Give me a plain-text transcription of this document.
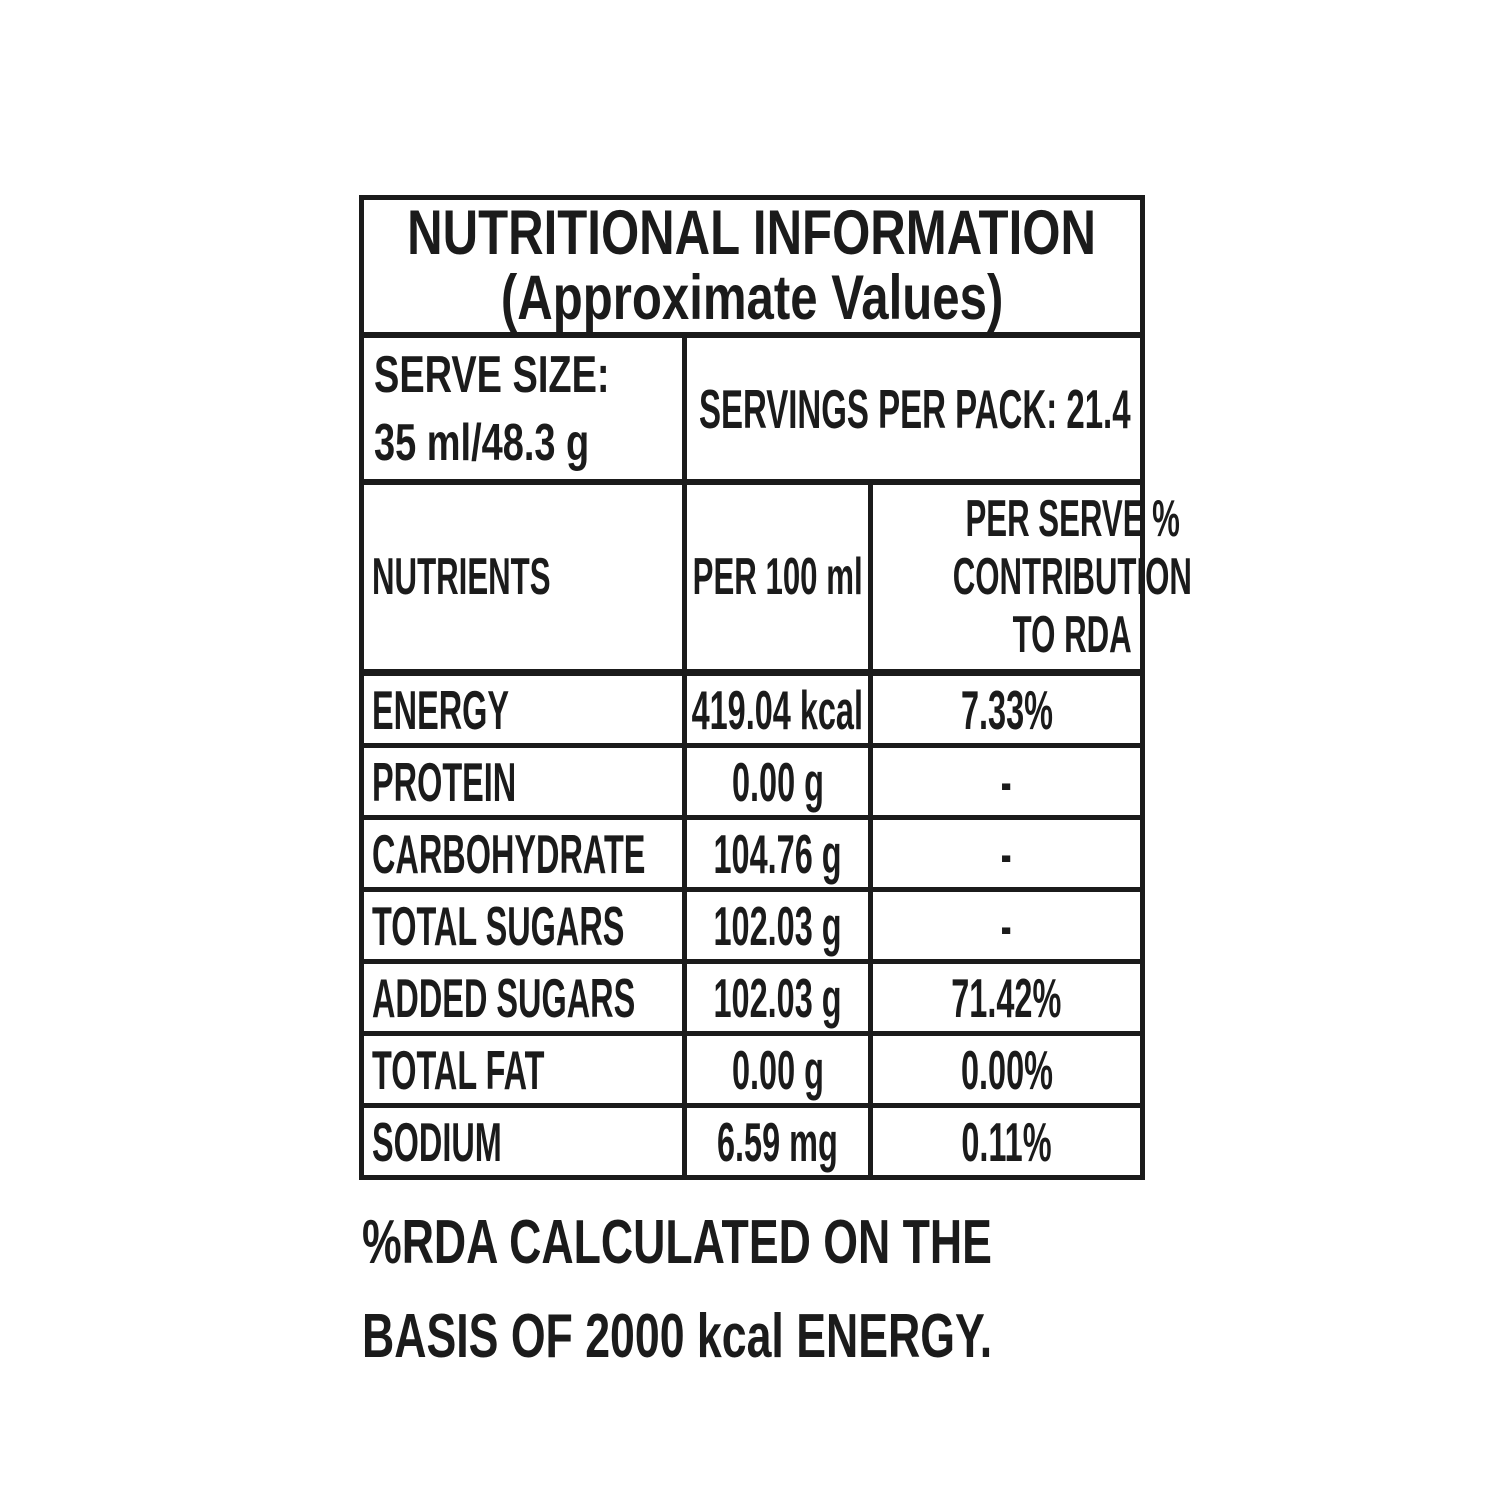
NUTRITIONAL INFORMATION
(Approximate Values)
SERVE SIZE:
35 ml/48.3 g
SERVINGS PER PACK: 21.4
NUTRIENTS	PER 100 ml
PER SERVE %
CONTRIBUTION
TO RDA
ENERGY	419.04 kcal 7.33%
PROTEIN	0.00 g	-
CARBOHYDRATE 104.76 g	-
TOTAL SUGARS 102.03 g	-
ADDED SUGARS 102.03 g 71.42%
TOTAL FAT	0.00 g 0.00%
SODIUM	6.59 mg 0.11%
%RDA CALCULATED ON THE
BASIS OF 2000 kcal ENERGY.
